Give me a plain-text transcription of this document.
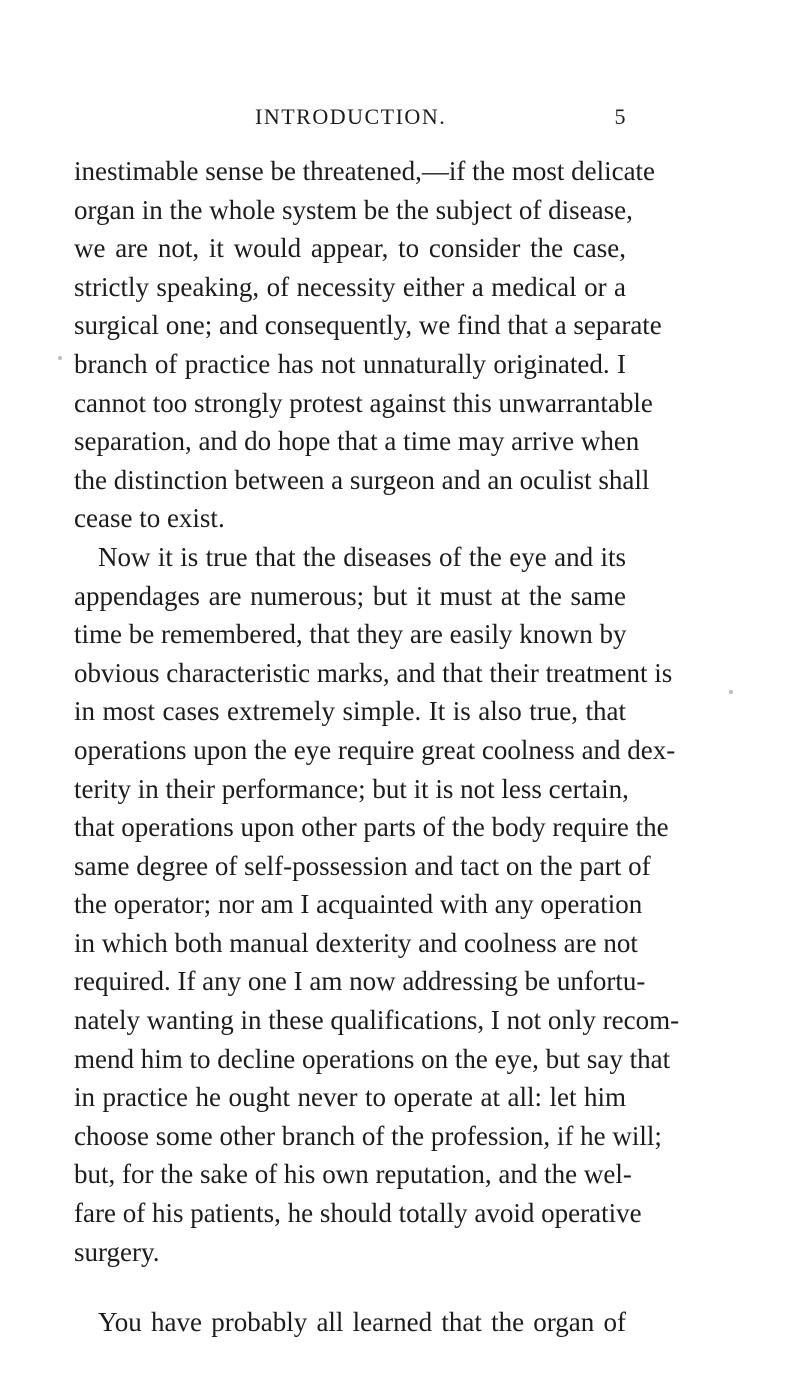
INTRODUCTION.	5
inestimable sense be threatened,—if the most delicate
organ in the whole system be the subject of disease,
we are not, it would appear, to consider the case,
strictly speaking, of necessity either a medical or a
surgical one; and consequently, we find that a separate
branch of practice has not unnaturally originated. I
cannot too strongly protest against this unwarrantable
separation, and do hope that a time may arrive when
the distinction between a surgeon and an oculist shall
cease to exist.
Now it is true that the diseases of the eye and its
appendages are numerous; but it must at the same
time be remembered, that they are easily known by
obvious characteristic marks, and that their treatment is
in most cases extremely simple. It is also true, that
operations upon the eye require great coolness and dex-
terity in their performance; but it is not less certain,
that operations upon other parts of the body require the
same degree of self-possession and tact on the part of
the operator; nor am I acquainted with any operation
in which both manual dexterity and coolness are not
required. If any one I am now addressing be unfortu-
nately wanting in these qualifications, I not only recom-
mend him to decline operations on the eye, but say that
in practice he ought never to operate at all: let him
choose some other branch of the profession, if he will;
but, for the sake of his own reputation, and the wel-
fare of his patients, he should totally avoid operative
surgery.
You have probably all learned that the organ of
